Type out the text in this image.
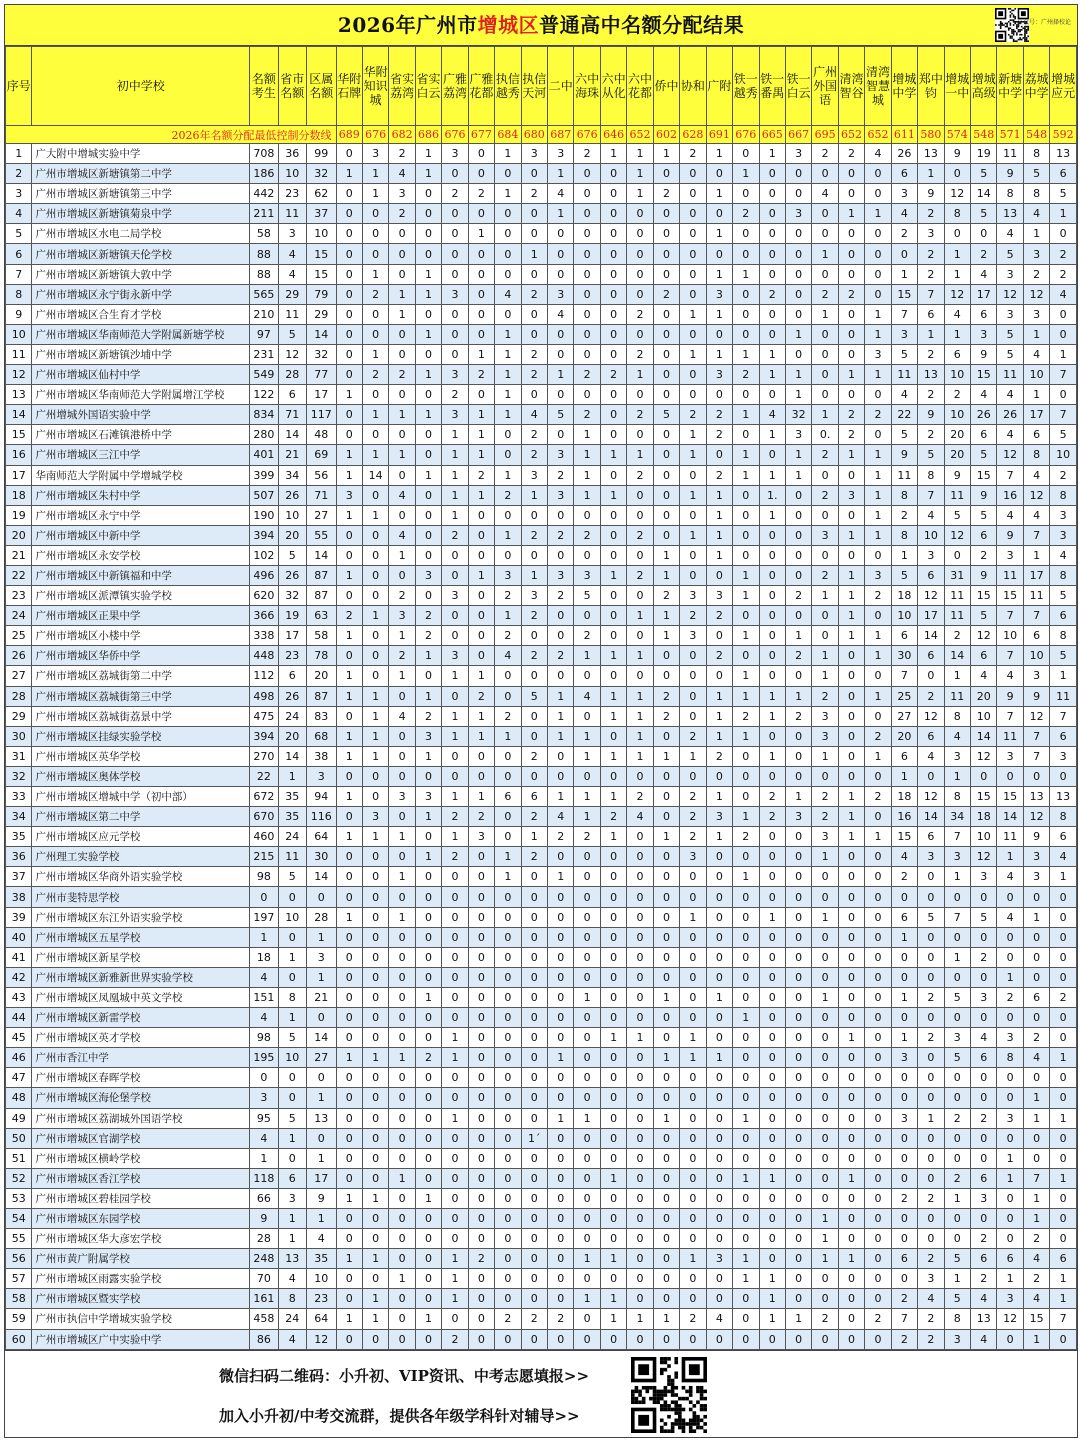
2026年广州市增城区普通高中名额分配结果	公众号：广州择校论
序号	初中学校	名额考生	省市名额	区属名额	华附石牌	华附知识城	省实荔湾	省实白云	广雅荔湾	广雅花都	执信越秀	执信天河	二中	六中海珠	六中从化	六中花都	侨中	协和	广附	铁一越秀	铁一番禺	铁一白云	广州外国语	清湾智谷	清湾智慧城	增城中学	郑中钧	增城一中	增城高级	新塘中学	荔城中学	增城应元
2026年名额分配最低控制分数线					689	676	682	686	676	677	684	680	687	676	646	652	602	628	691	676	665	667	695	652	652	611	580	574	548	571	548	592
1	广大附中增城实验中学	708	36	99	0	3	2	1	3	0	1	3	3	2	1	1	1	2	1	0	1	3	2	2	4	26	13	9	19	11	8	13
2	广州市增城区新塘镇第二中学	186	10	32	1	1	4	1	0	0	0	0	1	0	0	1	0	0	0	1	0	0	0	0	0	6	1	0	5	9	5	6
3	广州市增城区新塘镇第三中学	442	23	62	0	1	3	0	2	2	1	2	4	0	0	1	2	0	1	0	0	0	4	0	0	3	9	12	14	8	8	5
4	广州市增城区新塘镇菊泉中学	211	11	37	0	0	2	0	0	0	0	0	1	0	0	0	0	0	0	2	0	3	0	1	1	4	2	8	5	13	4	1
5	广州市增城区水电二局学校	58	3	10	0	0	0	0	0	1	0	0	0	0	0	0	0	0	1	0	0	0	0	0	0	2	3	0	0	4	1	0
6	广州市增城区新塘镇天伦学校	88	4	15	0	0	0	0	0	0	0	1	0	0	0	0	0	0	0	0	0	0	1	0	0	0	2	1	2	5	3	2
7	广州市增城区新塘镇大敦中学	88	4	15	0	1	0	1	0	0	0	0	0	0	0	0	0	0	1	1	0	0	0	0	0	1	2	1	4	3	2	2
8	广州市增城区永宁街永新中学	565	29	79	0	2	1	1	3	0	4	2	3	0	0	0	2	0	3	0	2	0	2	2	0	15	7	12	17	12	12	4
9	广州市增城区合生育才学校	210	11	29	0	0	1	0	0	0	0	0	4	0	0	2	0	1	1	0	0	0	1	0	1	7	6	4	6	3	3	0
10	广州市增城区华南师范大学附属新塘学校	97	5	14	0	0	0	1	0	0	1	0	0	0	0	0	0	0	0	0	0	1	0	0	1	3	1	1	3	5	1	0
11	广州市增城区新塘镇沙埔中学	231	12	32	0	1	0	0	0	1	1	2	0	0	0	2	0	1	1	1	1	0	0	0	3	5	2	6	9	5	4	1
12	广州市增城区仙村中学	549	28	77	0	2	2	1	3	2	1	2	1	2	2	1	0	0	3	2	1	1	0	1	1	11	13	10	15	11	10	7
13	广州市增城区华南师范大学附属增江学校	122	6	17	1	0	0	0	2	0	1	0	0	0	0	0	0	0	0	0	0	1	0	0	0	4	2	2	4	4	1	0
14	广州增城外国语实验中学	834	71	117	0	1	1	1	3	1	1	4	5	2	0	2	5	2	2	1	4	32	1	2	2	22	9	10	26	26	17	7
15	广州市增城区石滩镇港桥中学	280	14	48	0	0	0	0	1	1	0	2	0	1	0	0	0	1	2	0	1	3	0.	2	0	5	2	20	6	4	6	5
16	广州市增城区三江中学	401	21	69	1	1	1	0	1	1	0	2	3	1	1	1	0	1	0	1	0	1	2	1	1	9	5	20	5	12	8	10
17	华南师范大学附属中学增城学校	399	34	56	1	14	0	1	1	2	1	3	2	1	0	2	0	0	2	1	1	1	0	0	1	11	8	9	15	7	4	2
18	广州市增城区朱村中学	507	26	71	3	0	4	0	1	1	2	1	3	1	1	0	0	1	1	0	1.	0	2	3	1	8	7	11	9	16	12	8
19	广州市增城区永宁中学	190	10	27	1	1	0	0	1	0	0	0	0	0	0	0	0	0	1	0	1	0	0	0	1	2	4	5	5	4	4	3
20	广州市增城区中新中学	394	20	55	0	0	4	0	2	0	1	2	2	2	0	2	0	1	1	0	0	0	3	1	1	8	10	12	6	9	7	3
21	广州市增城区永安学校	102	5	14	0	0	1	0	0	0	0	0	0	0	0	0	1	0	1	0	0	0	0	0	0	1	3	0	2	3	1	4
22	广州市增城区中新镇福和中学	496	26	87	1	0	0	3	0	1	3	1	3	3	1	2	1	0	0	1	0	0	2	1	3	5	6	31	9	11	17	8
23	广州市增城区派潭镇实验学校	620	32	87	0	0	2	0	3	0	2	3	2	5	0	0	2	3	3	1	0	2	1	1	2	18	12	11	15	15	11	5
24	广州市增城区正果中学	366	19	63	2	1	3	2	0	0	1	2	0	0	0	1	1	2	2	0	0	0	0	1	0	10	17	11	5	7	7	6
25	广州市增城区小楼中学	338	17	58	1	0	1	2	0	0	2	0	0	2	0	0	1	3	0	1	0	1	0	1	1	6	14	2	12	10	6	8
26	广州市增城区华侨中学	448	23	78	0	0	2	1	3	0	4	2	2	1	1	1	0	0	2	0	0	2	1	0	1	30	6	14	6	7	10	5
27	广州市增城区荔城街第二中学	112	6	20	1	0	1	0	1	1	0	0	0	0	0	0	0	0	0	1	0	0	1	0	0	7	0	1	4	4	3	1
28	广州市增城区荔城街第三中学	498	26	87	1	1	0	1	0	2	0	5	1	4	1	1	2	0	1	1	1	1	2	0	1	25	2	11	20	9	9	11
29	广州市增城区荔城街荔景中学	475	24	83	0	1	4	2	1	1	2	0	1	0	1	1	2	0	1	2	1	2	3	0	0	27	12	8	10	7	12	7
30	广州市增城区挂绿实验学校	394	20	68	1	1	0	3	1	1	1	0	1	1	0	1	0	2	1	1	0	0	3	0	2	20	6	4	14	11	7	6
31	广州市增城区英华学校	270	14	38	1	1	0	1	0	0	0	2	0	1	1	1	1	1	2	0	1	0	1	0	1	6	4	3	12	3	7	3
32	广州市增城区奥体学校	22	1	3	0	0	0	0	0	0	0	0	0	0	0	0	0	0	0	0	0	0	0	0	0	1	0	1	0	0	0	0
33	广州市增城区增城中学（初中部）	672	35	94	1	0	3	3	1	1	6	6	1	1	1	2	0	2	1	0	2	1	2	1	2	18	12	8	15	15	13	13
34	广州市增城区第二中学	670	35	116	0	3	0	1	2	2	0	2	4	1	2	4	0	2	3	1	2	3	2	1	0	16	14	34	18	14	12	8
35	广州市增城区应元学校	460	24	64	1	1	1	0	1	3	0	1	2	2	1	0	1	2	1	2	0	0	3	1	1	15	6	7	10	11	9	6
36	广州理工实验学校	215	11	30	0	0	0	1	2	0	1	2	0	0	0	0	0	3	0	0	0	0	1	0	0	4	3	3	12	1	3	4
37	广州市增城区华商外语实验学校	98	5	14	0	0	1	0	0	0	1	0	1	0	0	0	0	0	0	1	0	0	0	0	0	2	0	1	3	4	3	1
38	广州市斐特思学校	0	0	0	0	0	0	0	0	0	0	0	0	0	0	0	0	0	0	0	0	0	0	0	0	0	0	0	0	0	0	0
39	广州市增城区东江外语实验学校	197	10	28	1	0	1	0	0	0	0	0	0	0	0	0	0	1	0	0	1	0	1	0	0	6	5	7	5	4	1	0
40	广州市增城区五星学校	1	0	1	0	0	0	0	0	0	0	0	0	0	0	0	0	0	0	0	0	0	0	0	0	1	0	0	0	0	0	0
41	广州市增城区新星学校	18	1	3	0	0	0	0	0	0	0	0	0	0	0	0	0	0	0	0	0	0	0	0	0	0	0	1	2	0	0	0
42	广州市增城区新雅新世界实验学校	4	0	1	0	0	0	0	0	0	0	0	0	0	0	0	0	0	0	0	0	0	0	0	0	0	0	0	0	1	0	0
43	广州市增城区凤凰城中英文学校	151	8	21	0	0	0	1	0	0	0	0	0	1	0	0	1	0	1	0	0	0	1	0	0	1	2	5	3	2	6	2
44	广州市增城区新雷学校	4	1	0	0	0	0	0	0	0	0	0	0	0	0	0	0	0	0	1	0	0	0	0	0	0	0	0	0	0	0	0
45	广州市增城区英才学校	98	5	14	0	0	0	0	1	0	0	0	0	0	1	1	0	1	0	0	0	0	0	1	0	1	2	3	4	3	2	0
46	广州市香江中学	195	10	27	1	1	1	2	1	0	0	0	1	0	0	0	1	1	1	0	0	0	0	0	0	3	0	5	6	8	4	1
47	广州市增城区春晖学校	0	0	0	0	0	0	0	0	0	0	0	0	0	0	0	0	0	0	0	0	0	0	0	0	0	0	0	0	0	0	0
48	广州市增城区海伦堡学校	3	0	1	0	0	0	0	0	0	0	0	0	0	0	0	0	0	0	0	0	0	0	0	0	0	0	0	0	0	1	0
49	广州市增城区荔湖城外国语学校	95	5	13	0	0	0	0	1	0	0	0	1	1	0	0	1	0	0	1	0	0	0	0	0	3	1	2	2	3	1	1
50	广州市增城区官湖学校	4	1	0	0	0	0	0	0	0	0	1´	0	0	0	0	0	0	0	0	0	0	0	0	0	0	0	0	0	0	0	0
51	广州市增城区横岭学校	1	0	1	0	0	0	0	0	0	0	0	0	0	0	0	0	0	0	0	0	0	0	0	0	0	0	0	0	1	0	0
52	广州市增城区香江学校	118	6	17	0	0	1	0	0	0	0	0	0	0	1	0	0	0	0	1	1	0	0	1	0	0	0	2	6	1	7	1
53	广州市增城区碧桂园学校	66	3	9	1	1	0	1	0	0	0	0	0	0	0	0	0	0	0	0	0	0	0	0	0	2	2	1	3	0	1	0
54	广州市增城区东园学校	9	1	1	0	0	0	0	0	0	0	0	0	0	0	0	0	0	0	0	0	0	1	0	0	0	0	0	0	0	1	0
55	广州市增城区华大彦宏学校	28	1	4	0	0	0	0	0	0	0	0	0	0	0	0	0	0	0	0	0	0	1	0	0	0	0	0	2	0	2	0
56	广州市黄广附属学校	248	13	35	1	1	0	0	1	2	0	0	0	1	1	0	0	1	3	1	0	0	1	1	0	6	2	5	6	6	4	6
57	广州市增城区雨露实验学校	70	4	10	0	0	1	0	1	0	0	0	0	0	0	0	0	0	0	1	1	0	0	0	0	0	3	1	2	1	2	1
58	广州市增城区暨实学校	161	8	23	0	1	0	0	1	0	0	0	0	1	1	0	0	0	0	0	1	0	0	0	0	2	4	5	4	3	4	1
59	广州市执信中学增城实验学校	458	24	64	1	1	0	1	0	0	2	2	2	0	1	1	1	2	4	0	1	1	2	0	2	7	2	8	13	12	15	7
60	广州市增城区广中实验中学	86	4	12	0	0	0	0	2	0	0	0	0	0	0	0	0	0	0	0	0	0	0	0	0	2	2	3	4	0	1	0
微信扫码二维码：小升初、VIP资讯、中考志愿填报>>
加入小升初/中考交流群，提供各年级学科针对辅导>>
